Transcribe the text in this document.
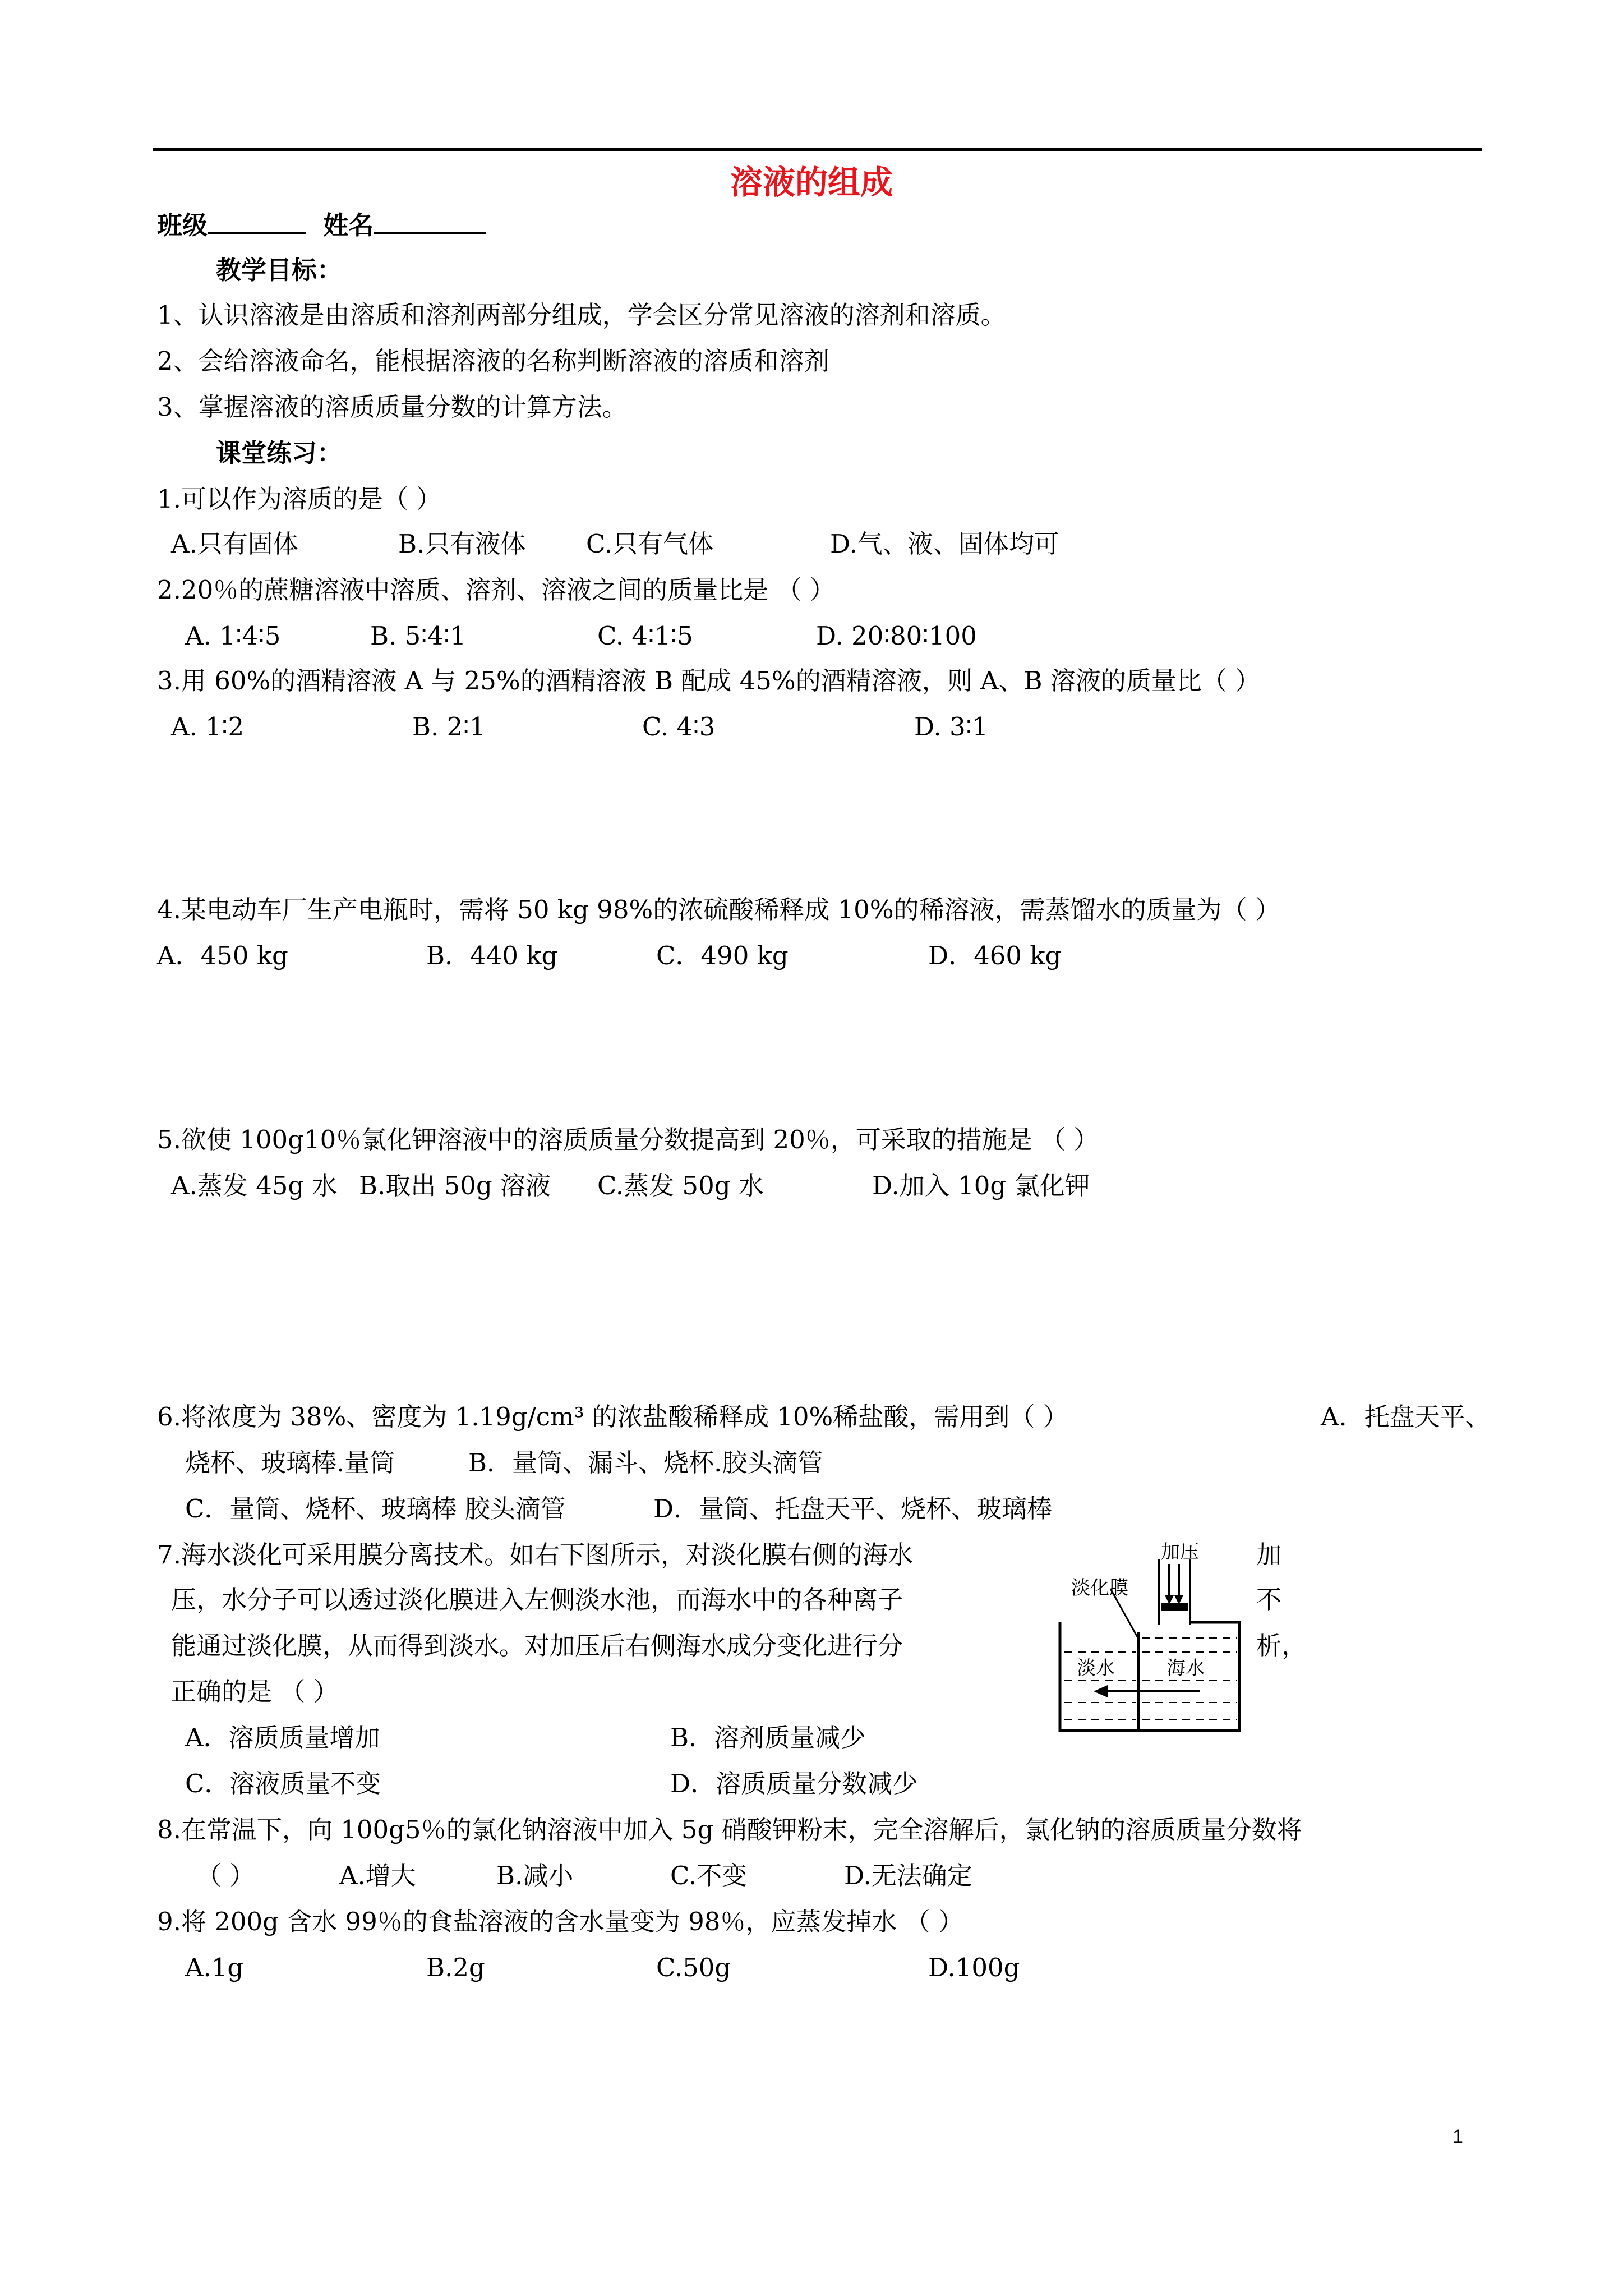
溶液的组成
班级	姓名
教学目标：
1、认识溶液是由溶质和溶剂两部分组成，学会区分常见溶液的溶剂和溶质。
2、会给溶液命名，能根据溶液的名称判断溶液的溶质和溶剂
3、掌握溶液的溶质质量分数的计算方法。
课堂练习：
1.可以作为溶质的是（ ）
A.只有固体	B.只有液体 C.只有气体	D.气、液、固体均可
2.20％的蔗糖溶液中溶质、溶剂、溶液之间的质量比是 （ ）
A. 1∶4∶5	B. 5∶4∶1	C. 4∶1∶5	D. 20∶80∶100
3.用 60%的酒精溶液 A 与 25%的酒精溶液 B 配成 45%的酒精溶液，则 A、B 溶液的质量比（ ）
A. 1∶2	B. 2∶1	C. 4∶3	D. 3∶1
4.某电动车厂生产电瓶时，需将 50 kg 98%的浓硫酸稀释成 10%的稀溶液，需蒸馏水的质量为（ ）
A．450 kg	B．440 kg	C．490 kg	D．460 kg
5.欲使 100g10％氯化钾溶液中的溶质质量分数提高到 20％，可采取的措施是 （ ）
A.蒸发 45g 水 B.取出 50g 溶液 C.蒸发 50g 水	D.加入 10g 氯化钾
6.将浓度为 38%、密度为 1.19g/cm³ 的浓盐酸稀释成 10%稀盐酸，需用到（ ）	A．托盘天平、
烧杯、玻璃棒.量筒	B．量筒、漏斗、烧杯.胶头滴管
C．量筒、烧杯、玻璃棒 胶头滴管	D．量筒、托盘天平、烧杯、玻璃棒
7.海水淡化可采用膜分离技术。如右下图所示，对淡化膜右侧的海水
压，水分子可以透过淡化膜进入左侧淡水池，而海水中的各种离子
能通过淡化膜，从而得到淡水。对加压后右侧海水成分变化进行分
正确的是 （ ）
加
不
析，
加压
淡化膜
淡水	海水
A．溶质质量增加	B．溶剂质量减少
C．溶液质量不变	D．溶质质量分数减少
8.在常温下，向 100g5％的氯化钠溶液中加入 5g 硝酸钾粉末，完全溶解后，氯化钠的溶质质量分数将
（ ）	A.增大	B.减小	C.不变	D.无法确定
9.将 200g 含水 99％的食盐溶液的含水量变为 98％，应蒸发掉水 （ ）
A.1g	B.2g	C.50g	D.100g
1
